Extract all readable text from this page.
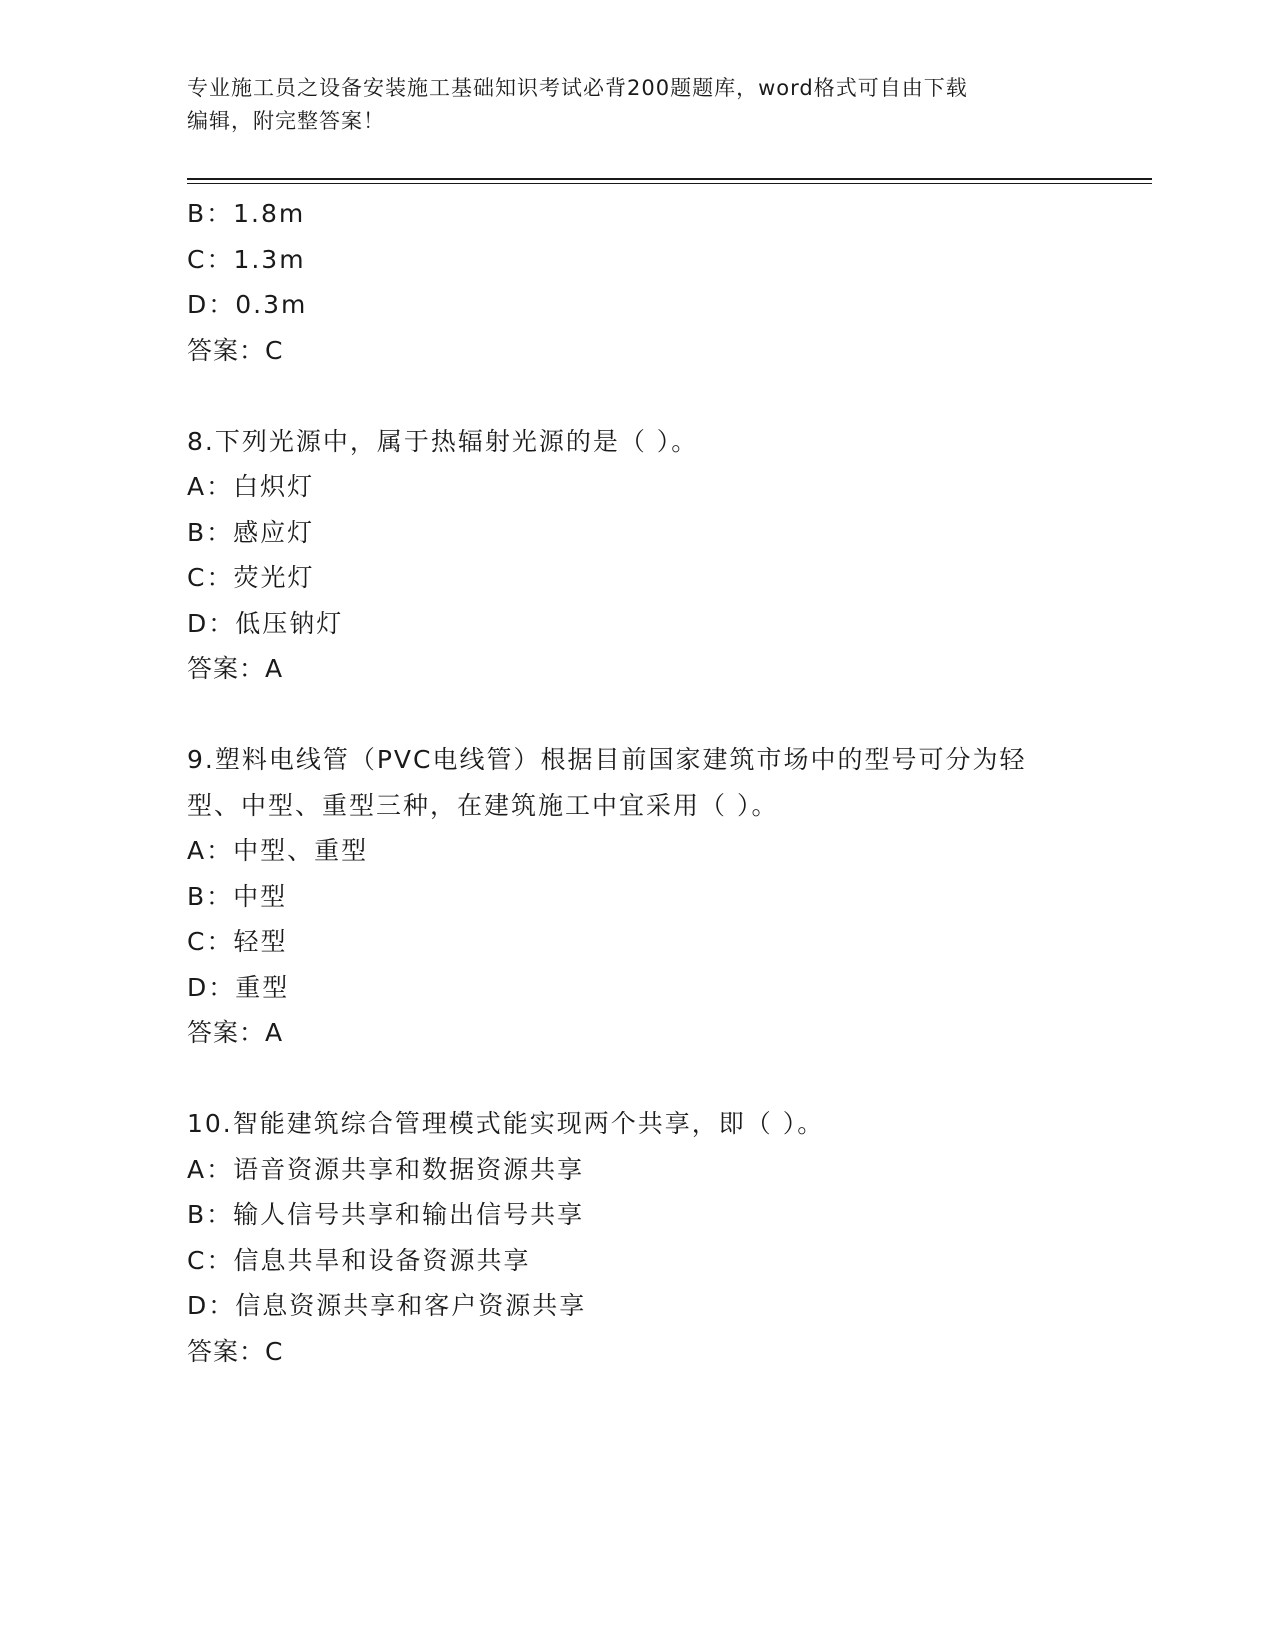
专业施工员之设备安装施工基础知识考试必背200题题库，word格式可自由下载
编辑，附完整答案！
B：1.8m
C：1.3m
D：0.3m
答案：C
8.下列光源中，属于热辐射光源的是（ ）。
A：白炽灯
B：感应灯
C：荧光灯
D：低压钠灯
答案：A
9.塑料电线管（PVC电线管）根据目前国家建筑市场中的型号可分为轻
型、中型、重型三种，在建筑施工中宜采用（ ）。
A：中型、重型
B：中型
C：轻型
D：重型
答案：A
10.智能建筑综合管理模式能实现两个共享，即（ ）。
A：语音资源共享和数据资源共享
B：输人信号共享和输出信号共享
C：信息共旱和设备资源共享
D：信息资源共享和客户资源共享
答案：C
